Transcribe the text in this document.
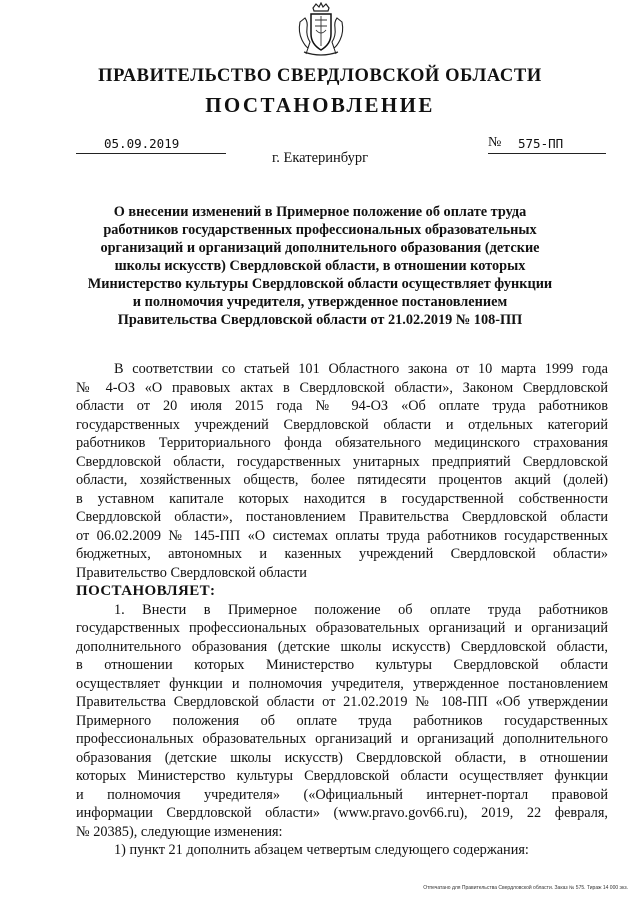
ПРАВИТЕЛЬСТВО СВЕРДЛОВСКОЙ ОБЛАСТИ
ПОСТАНОВЛЕНИЕ
05.09.2019	№ 575-ПП
г. Екатеринбург
О внесении изменений в Примерное положение об оплате труда
работников государственных профессиональных образовательных
организаций и организаций дополнительного образования (детские
школы искусств) Свердловской области, в отношении которых
Министерство культуры Свердловской области осуществляет функции
и полномочия учредителя, утвержденное постановлением
Правительства Свердловской области от 21.02.2019 № 108-ПП
В соответствии со статьей 101 Областного закона от 10 марта 1999 года
№ 4-ОЗ «О правовых актах в Свердловской области», Законом Свердловской
области от 20 июля 2015 года № 94-ОЗ «Об оплате труда работников
государственных учреждений Свердловской области и отдельных категорий
работников Территориального фонда обязательного медицинского страхования
Свердловской области, государственных унитарных предприятий Свердловской
области, хозяйственных обществ, более пятидесяти процентов акций (долей)
в уставном капитале которых находится в государственной собственности
Свердловской области», постановлением Правительства Свердловской области
от 06.02.2009 № 145-ПП «О системах оплаты труда работников государственных
бюджетных, автономных и казенных учреждений Свердловской области»
Правительство Свердловской области
ПОСТАНОВЛЯЕТ:
1. Внести в Примерное положение об оплате труда работников
государственных профессиональных образовательных организаций и организаций
дополнительного образования (детские школы искусств) Свердловской области,
в отношении которых Министерство культуры Свердловской области
осуществляет функции и полномочия учредителя, утвержденное постановлением
Правительства Свердловской области от 21.02.2019 № 108-ПП «Об утверждении
Примерного положения об оплате труда работников государственных
профессиональных образовательных организаций и организаций дополнительного
образования (детские школы искусств) Свердловской области, в отношении
которых Министерство культуры Свердловской области осуществляет функции
и полномочия учредителя» («Официальный интернет-портал правовой
информации Свердловской области» (www.pravo.gov66.ru), 2019, 22 февраля,
№ 20385), следующие изменения:
1) пункт 21 дополнить абзацем четвертым следующего содержания:
Отпечатано для Правительства Свердловской области. Заказ № 575. Тираж 14 000 экз.
